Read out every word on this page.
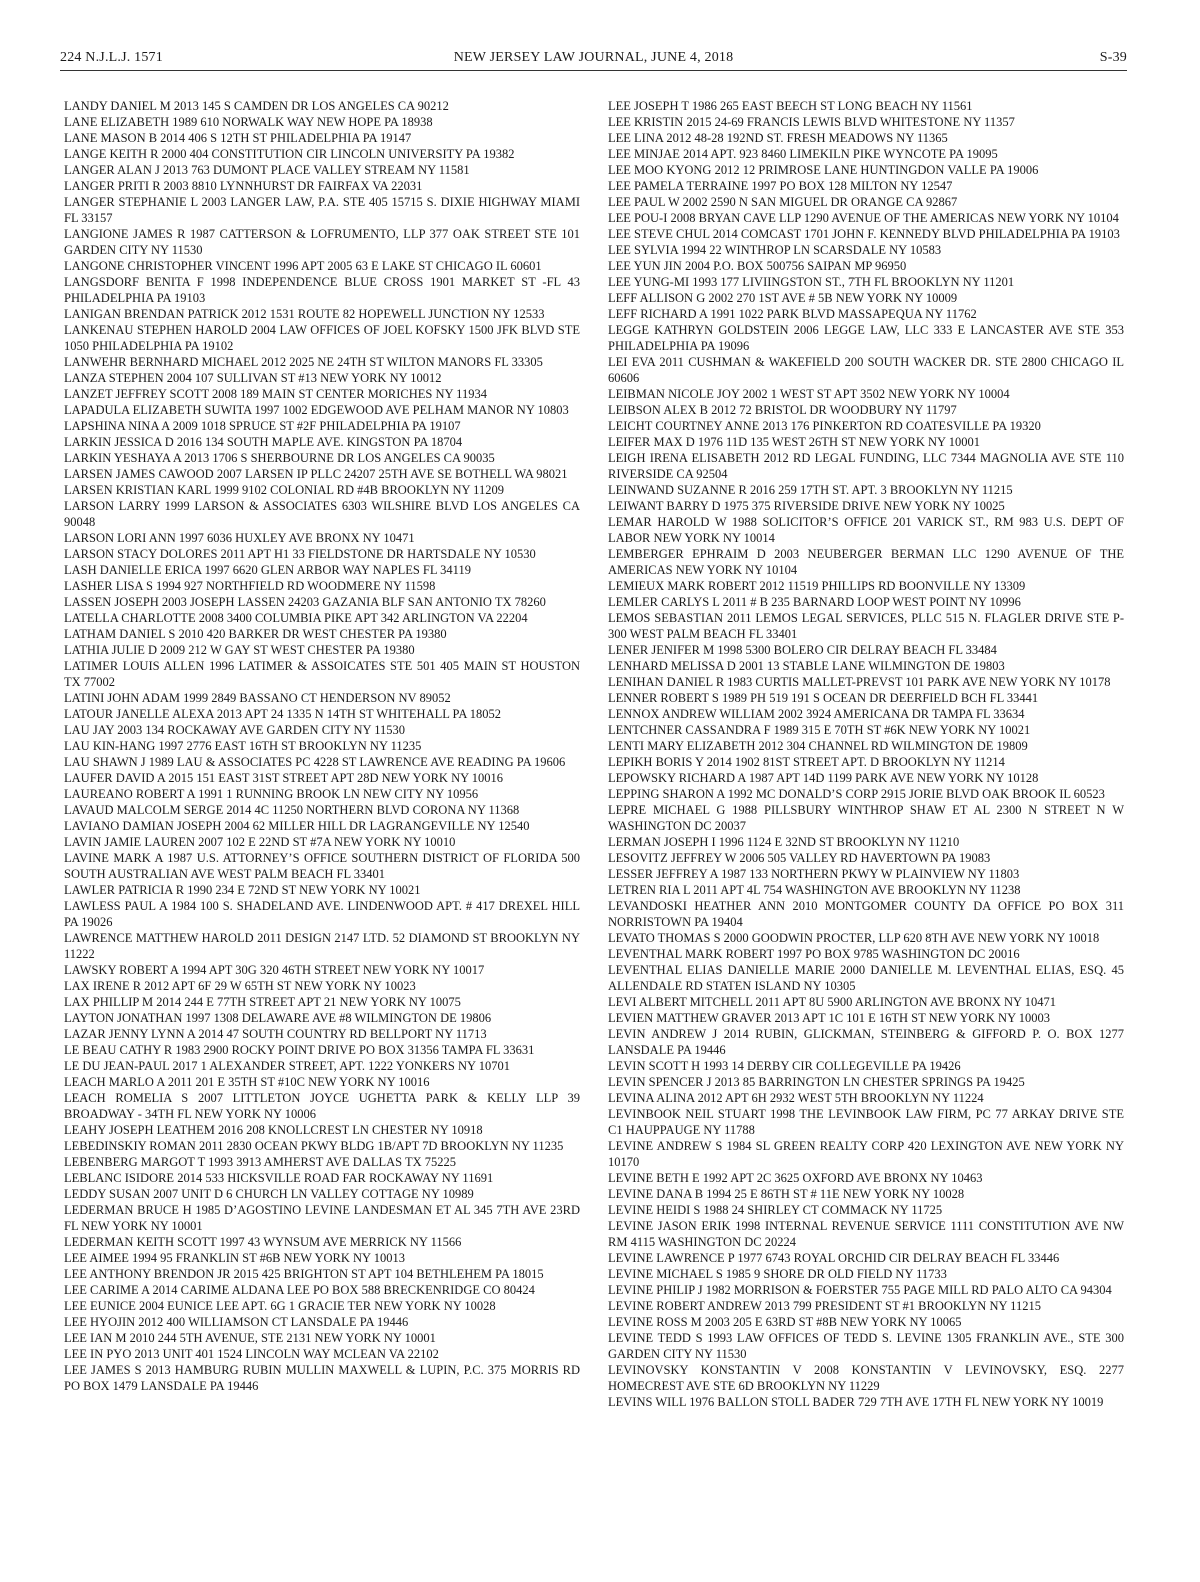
224 N.J.L.J. 1571	NEW JERSEY LAW JOURNAL, JUNE 4, 2018	S-39

LANDY DANIEL M 2013 145 S CAMDEN DR LOS ANGELES CA 90212

LANE ELIZABETH 1989 610 NORWALK WAY NEW HOPE PA 18938

LANE MASON B 2014 406 S 12TH ST PHILADELPHIA PA 19147

LANGE KEITH R 2000 404 CONSTITUTION CIR LINCOLN UNIVERSITY PA 19382

LANGER ALAN J 2013 763 DUMONT PLACE VALLEY STREAM NY 11581

LANGER PRITI R 2003 8810 LYNNHURST DR FAIRFAX VA 22031

LANGER STEPHANIE L 2003 LANGER LAW, P.A. STE 405 15715 S. DIXIE HIGHWAY MIAMI FL 33157

LANGIONE JAMES R 1987 CATTERSON & LOFRUMENTO, LLP 377 OAK STREET STE 101 GARDEN CITY NY 11530

LANGONE CHRISTOPHER VINCENT 1996 APT 2005 63 E LAKE ST CHICAGO IL 60601

LANGSDORF BENITA F 1998 INDEPENDENCE BLUE CROSS 1901 MARKET ST -FL 43 PHILADELPHIA PA 19103

LANIGAN BRENDAN PATRICK 2012 1531 ROUTE 82 HOPEWELL JUNCTION NY 12533

LANKENAU STEPHEN HAROLD 2004 LAW OFFICES OF JOEL KOFSKY 1500 JFK BLVD STE 1050 PHILADELPHIA PA 19102

LANWEHR BERNHARD MICHAEL 2012 2025 NE 24TH ST WILTON MANORS FL 33305

LANZA STEPHEN 2004 107 SULLIVAN ST #13 NEW YORK NY 10012

LANZET JEFFREY SCOTT 2008 189 MAIN ST CENTER MORICHES NY 11934

LAPADULA ELIZABETH SUWITA 1997 1002 EDGEWOOD AVE PELHAM MANOR NY 10803

LAPSHINA NINA A 2009 1018 SPRUCE ST #2F PHILADELPHIA PA 19107

LARKIN JESSICA D 2016 134 SOUTH MAPLE AVE. KINGSTON PA 18704

LARKIN YESHAYA A 2013 1706 S SHERBOURNE DR LOS ANGELES CA 90035

LARSEN JAMES CAWOOD 2007 LARSEN IP PLLC 24207 25TH AVE SE BOTHELL WA 98021

LARSEN KRISTIAN KARL 1999 9102 COLONIAL RD #4B BROOKLYN NY 11209

LARSON LARRY 1999 LARSON & ASSOCIATES 6303 WILSHIRE BLVD LOS ANGELES CA 90048

LARSON LORI ANN 1997 6036 HUXLEY AVE BRONX NY 10471

LARSON STACY DOLORES 2011 APT H1 33 FIELDSTONE DR HARTSDALE NY 10530

LASH DANIELLE ERICA 1997 6620 GLEN ARBOR WAY NAPLES FL 34119

LASHER LISA S 1994 927 NORTHFIELD RD WOODMERE NY 11598

LASSEN JOSEPH 2003 JOSEPH LASSEN 24203 GAZANIA BLF SAN ANTONIO TX 78260

LATELLA CHARLOTTE 2008 3400 COLUMBIA PIKE APT 342 ARLINGTON VA 22204

LATHAM DANIEL S 2010 420 BARKER DR WEST CHESTER PA 19380

LATHIA JULIE D 2009 212 W GAY ST WEST CHESTER PA 19380

LATIMER LOUIS ALLEN 1996 LATIMER & ASSOICATES STE 501 405 MAIN ST HOUSTON TX 77002

LATINI JOHN ADAM 1999 2849 BASSANO CT HENDERSON NV 89052

LATOUR JANELLE ALEXA 2013 APT 24 1335 N 14TH ST WHITEHALL PA 18052

LAU JAY 2003 134 ROCKAWAY AVE GARDEN CITY NY 11530

LAU KIN-HANG 1997 2776 EAST 16TH ST BROOKLYN NY 11235

LAU SHAWN J 1989 LAU & ASSOCIATES PC 4228 ST LAWRENCE AVE READING PA 19606

LAUFER DAVID A 2015 151 EAST 31ST STREET APT 28D NEW YORK NY 10016

LAUREANO ROBERT A 1991 1 RUNNING BROOK LN NEW CITY NY 10956

LAVAUD MALCOLM SERGE 2014 4C 11250 NORTHERN BLVD CORONA NY 11368

LAVIANO DAMIAN JOSEPH 2004 62 MILLER HILL DR LAGRANGEVILLE NY 12540

LAVIN JAMIE LAUREN 2007 102 E 22ND ST #7A NEW YORK NY 10010

LAVINE MARK A 1987 U.S. ATTORNEY’S OFFICE SOUTHERN DISTRICT OF FLORIDA 500 SOUTH AUSTRALIAN AVE WEST PALM BEACH FL 33401

LAWLER PATRICIA R 1990 234 E 72ND ST NEW YORK NY 10021

LAWLESS PAUL A 1984 100 S. SHADELAND AVE. LINDENWOOD APT. # 417 DREXEL HILL PA 19026

LAWRENCE MATTHEW HAROLD 2011 DESIGN 2147 LTD. 52 DIAMOND ST BROOKLYN NY 11222

LAWSKY ROBERT A 1994 APT 30G 320 46TH STREET NEW YORK NY 10017

LAX IRENE R 2012 APT 6F 29 W 65TH ST NEW YORK NY 10023

LAX PHILLIP M 2014 244 E 77TH STREET APT 21 NEW YORK NY 10075

LAYTON JONATHAN 1997 1308 DELAWARE AVE #8 WILMINGTON DE 19806

LAZAR JENNY LYNN A 2014 47 SOUTH COUNTRY RD BELLPORT NY 11713

LE BEAU CATHY R 1983 2900 ROCKY POINT DRIVE PO BOX 31356 TAMPA FL 33631

LE DU JEAN-PAUL 2017 1 ALEXANDER STREET, APT. 1222 YONKERS NY 10701

LEACH MARLO A 2011 201 E 35TH ST #10C NEW YORK NY 10016

LEACH ROMELIA S 2007 LITTLETON JOYCE UGHETTA PARK & KELLY LLP 39 BROADWAY - 34TH FL NEW YORK NY 10006

LEAHY JOSEPH LEATHEM 2016 208 KNOLLCREST LN CHESTER NY 10918

LEBEDINSKIY ROMAN 2011 2830 OCEAN PKWY BLDG 1B/APT 7D BROOKLYN NY 11235

LEBENBERG MARGOT T 1993 3913 AMHERST AVE DALLAS TX 75225

LEBLANC ISIDORE 2014 533 HICKSVILLE ROAD FAR ROCKAWAY NY 11691

LEDDY SUSAN 2007 UNIT D 6 CHURCH LN VALLEY COTTAGE NY 10989

LEDERMAN BRUCE H 1985 D’AGOSTINO LEVINE LANDESMAN ET AL 345 7TH AVE 23RD FL NEW YORK NY 10001

LEDERMAN KEITH SCOTT 1997 43 WYNSUM AVE MERRICK NY 11566

LEE AIMEE 1994 95 FRANKLIN ST #6B NEW YORK NY 10013

LEE ANTHONY BRENDON JR 2015 425 BRIGHTON ST APT 104 BETHLEHEM PA 18015

LEE CARIME A 2014 CARIME ALDANA LEE PO BOX 588 BRECKENRIDGE CO 80424

LEE EUNICE 2004 EUNICE LEE APT. 6G 1 GRACIE TER NEW YORK NY 10028

LEE HYOJIN 2012 400 WILLIAMSON CT LANSDALE PA 19446

LEE IAN M 2010 244 5TH AVENUE, STE 2131 NEW YORK NY 10001

LEE IN PYO 2013 UNIT 401 1524 LINCOLN WAY MCLEAN VA 22102

LEE JAMES S 2013 HAMBURG RUBIN MULLIN MAXWELL & LUPIN, P.C. 375 MORRIS RD PO BOX 1479 LANSDALE PA 19446

LEE JOSEPH T 1986 265 EAST BEECH ST LONG BEACH NY 11561

LEE KRISTIN 2015 24-69 FRANCIS LEWIS BLVD WHITESTONE NY 11357

LEE LINA 2012 48-28 192ND ST. FRESH MEADOWS NY 11365

LEE MINJAE 2014 APT. 923 8460 LIMEKILN PIKE WYNCOTE PA 19095

LEE MOO KYONG 2012 12 PRIMROSE LANE HUNTINGDON VALLE PA 19006

LEE PAMELA TERRAINE 1997 PO BOX 128 MILTON NY 12547

LEE PAUL W 2002 2590 N SAN MIGUEL DR ORANGE CA 92867

LEE POU-I 2008 BRYAN CAVE LLP 1290 AVENUE OF THE AMERICAS NEW YORK NY 10104

LEE STEVE CHUL 2014 COMCAST 1701 JOHN F. KENNEDY BLVD PHILADELPHIA PA 19103

LEE SYLVIA 1994 22 WINTHROP LN SCARSDALE NY 10583

LEE YUN JIN 2004 P.O. BOX 500756 SAIPAN MP 96950

LEE YUNG-MI 1993 177 LIVIINGSTON ST., 7TH FL BROOKLYN NY 11201

LEFF ALLISON G 2002 270 1ST AVE # 5B NEW YORK NY 10009

LEFF RICHARD A 1991 1022 PARK BLVD MASSAPEQUA NY 11762

LEGGE KATHRYN GOLDSTEIN 2006 LEGGE LAW, LLC 333 E LANCASTER AVE STE 353 PHILADELPHIA PA 19096

LEI EVA 2011 CUSHMAN & WAKEFIELD 200 SOUTH WACKER DR. STE 2800 CHICAGO IL 60606

LEIBMAN NICOLE JOY 2002 1 WEST ST APT 3502 NEW YORK NY 10004

LEIBSON ALEX B 2012 72 BRISTOL DR WOODBURY NY 11797

LEICHT COURTNEY ANNE 2013 176 PINKERTON RD COATESVILLE PA 19320

LEIFER MAX D 1976 11D 135 WEST 26TH ST NEW YORK NY 10001

LEIGH IRENA ELISABETH 2012 RD LEGAL FUNDING, LLC 7344 MAGNOLIA AVE STE 110 RIVERSIDE CA 92504

LEINWAND SUZANNE R 2016 259 17TH ST. APT. 3 BROOKLYN NY 11215

LEIWANT BARRY D 1975 375 RIVERSIDE DRIVE NEW YORK NY 10025

LEMAR HAROLD W 1988 SOLICITOR’S OFFICE 201 VARICK ST., RM 983 U.S. DEPT OF LABOR NEW YORK NY 10014

LEMBERGER EPHRAIM D 2003 NEUBERGER BERMAN LLC 1290 AVENUE OF THE AMERICAS NEW YORK NY 10104

LEMIEUX MARK ROBERT 2012 11519 PHILLIPS RD BOONVILLE NY 13309

LEMLER CARLYS L 2011 # B 235 BARNARD LOOP WEST POINT NY 10996

LEMOS SEBASTIAN 2011 LEMOS LEGAL SERVICES, PLLC 515 N. FLAGLER DRIVE STE P-300 WEST PALM BEACH FL 33401

LENER JENIFER M 1998 5300 BOLERO CIR DELRAY BEACH FL 33484

LENHARD MELISSA D 2001 13 STABLE LANE WILMINGTON DE 19803

LENIHAN DANIEL R 1983 CURTIS MALLET-PREVST 101 PARK AVE NEW YORK NY 10178

LENNER ROBERT S 1989 PH 519 191 S OCEAN DR DEERFIELD BCH FL 33441

LENNOX ANDREW WILLIAM 2002 3924 AMERICANA DR TAMPA FL 33634

LENTCHNER CASSANDRA F 1989 315 E 70TH ST #6K NEW YORK NY 10021

LENTI MARY ELIZABETH 2012 304 CHANNEL RD WILMINGTON DE 19809

LEPIKH BORIS Y 2014 1902 81ST STREET APT. D BROOKLYN NY 11214

LEPOWSKY RICHARD A 1987 APT 14D 1199 PARK AVE NEW YORK NY 10128

LEPPING SHARON A 1992 MC DONALD’S CORP 2915 JORIE BLVD OAK BROOK IL 60523

LEPRE MICHAEL G 1988 PILLSBURY WINTHROP SHAW ET AL 2300 N STREET N W WASHINGTON DC 20037

LERMAN JOSEPH I 1996 1124 E 32ND ST BROOKLYN NY 11210

LESOVITZ JEFFREY W 2006 505 VALLEY RD HAVERTOWN PA 19083

LESSER JEFFREY A 1987 133 NORTHERN PKWY W PLAINVIEW NY 11803

LETREN RIA L 2011 APT 4L 754 WASHINGTON AVE BROOKLYN NY 11238

LEVANDOSKI HEATHER ANN 2010 MONTGOMER COUNTY DA OFFICE PO BOX 311 NORRISTOWN PA 19404

LEVATO THOMAS S 2000 GOODWIN PROCTER, LLP 620 8TH AVE NEW YORK NY 10018

LEVENTHAL MARK ROBERT 1997 PO BOX 9785 WASHINGTON DC 20016

LEVENTHAL ELIAS DANIELLE MARIE 2000 DANIELLE M. LEVENTHAL ELIAS, ESQ. 45 ALLENDALE RD STATEN ISLAND NY 10305

LEVI ALBERT MITCHELL 2011 APT 8U 5900 ARLINGTON AVE BRONX NY 10471

LEVIEN MATTHEW GRAVER 2013 APT 1C 101 E 16TH ST NEW YORK NY 10003

LEVIN ANDREW J 2014 RUBIN, GLICKMAN, STEINBERG & GIFFORD P. O. BOX 1277 LANSDALE PA 19446

LEVIN SCOTT H 1993 14 DERBY CIR COLLEGEVILLE PA 19426

LEVIN SPENCER J 2013 85 BARRINGTON LN CHESTER SPRINGS PA 19425

LEVINA ALINA 2012 APT 6H 2932 WEST 5TH BROOKLYN NY 11224

LEVINBOOK NEIL STUART 1998 THE LEVINBOOK LAW FIRM, PC 77 ARKAY DRIVE STE C1 HAUPPAUGE NY 11788

LEVINE ANDREW S 1984 SL GREEN REALTY CORP 420 LEXINGTON AVE NEW YORK NY 10170

LEVINE BETH E 1992 APT 2C 3625 OXFORD AVE BRONX NY 10463

LEVINE DANA B 1994 25 E 86TH ST # 11E NEW YORK NY 10028

LEVINE HEIDI S 1988 24 SHIRLEY CT COMMACK NY 11725

LEVINE JASON ERIK 1998 INTERNAL REVENUE SERVICE 1111 CONSTITUTION AVE NW RM 4115 WASHINGTON DC 20224

LEVINE LAWRENCE P 1977 6743 ROYAL ORCHID CIR DELRAY BEACH FL 33446

LEVINE MICHAEL S 1985 9 SHORE DR OLD FIELD NY 11733

LEVINE PHILIP J 1982 MORRISON & FOERSTER 755 PAGE MILL RD PALO ALTO CA 94304

LEVINE ROBERT ANDREW 2013 799 PRESIDENT ST #1 BROOKLYN NY 11215

LEVINE ROSS M 2003 205 E 63RD ST #8B NEW YORK NY 10065

LEVINE TEDD S 1993 LAW OFFICES OF TEDD S. LEVINE 1305 FRANKLIN AVE., STE 300 GARDEN CITY NY 11530

LEVINOVSKY KONSTANTIN V 2008 KONSTANTIN V LEVINOVSKY, ESQ. 2277 HOMECREST AVE STE 6D BROOKLYN NY 11229

LEVINS WILL 1976 BALLON STOLL BADER 729 7TH AVE 17TH FL NEW YORK NY 10019
